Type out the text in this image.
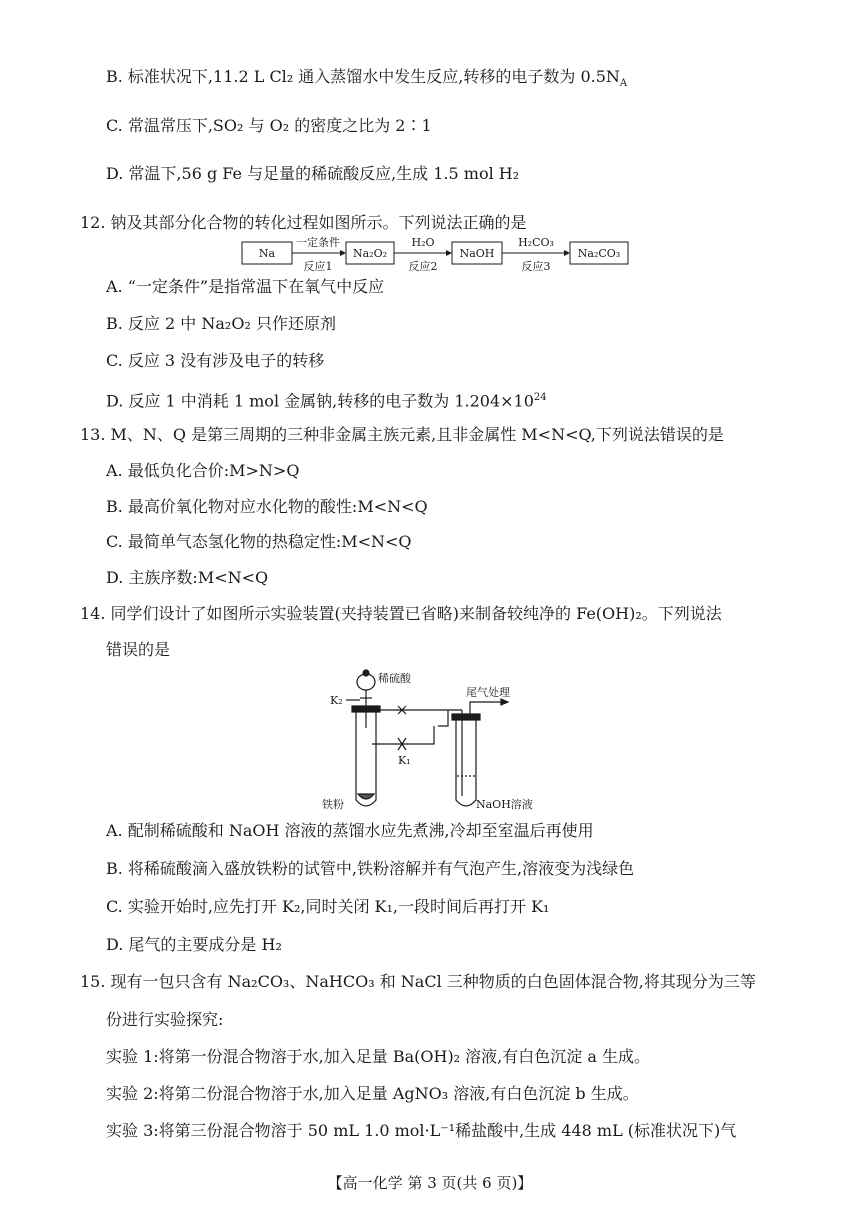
B. 标准状况下,11.2 L Cl₂ 通入蒸馏水中发生反应,转移的电子数为 $0.5N_A$
C. 常温常压下,SO₂ 与 O₂ 的密度之比为 2∶1
D. 常温下,56 g Fe 与足量的稀硫酸反应,生成 1.5 mol H₂
12. 钠及其部分化合物的转化过程如图所示。下列说法正确的是
Na	Na₂O₂	NaOH	Na₂CO₃
一定条件
反应1
H₂O
反应2
H₂CO₃
反应3
A. “一定条件”是指常温下在氧气中反应
B. 反应 2 中 Na₂O₂ 只作还原剂
C. 反应 3 没有涉及电子的转移
D. 反应 1 中消耗 1 mol 金属钠,转移的电子数为 $1.204\times 10^{24}$
13. M、N、Q 是第三周期的三种非金属主族元素,且非金属性 M<N<Q,下列说法错误的是
A. 最低负化合价:M>N>Q
B. 最高价氧化物对应水化物的酸性:M<N<Q
C. 最简单气态氢化物的热稳定性:M<N<Q
D. 主族序数:M<N<Q
14. 同学们设计了如图所示实验装置(夹持装置已省略)来制备较纯净的 Fe(OH)₂。下列说法
错误的是
稀硫酸
尾气处理
K₂
K₁
铁粉	NaOH溶液
A. 配制稀硫酸和 NaOH 溶液的蒸馏水应先煮沸,冷却至室温后再使用
B. 将稀硫酸滴入盛放铁粉的试管中,铁粉溶解并有气泡产生,溶液变为浅绿色
C. 实验开始时,应先打开 K₂,同时关闭 K₁,一段时间后再打开 K₁
D. 尾气的主要成分是 H₂
15. 现有一包只含有 Na₂CO₃、NaHCO₃ 和 NaCl 三种物质的白色固体混合物,将其现分为三等
份进行实验探究:
实验 1:将第一份混合物溶于水,加入足量 Ba(OH)₂ 溶液,有白色沉淀 a 生成。
实验 2:将第二份混合物溶于水,加入足量 AgNO₃ 溶液,有白色沉淀 b 生成。
实验 3:将第三份混合物溶于 50 mL 1.0 mol·L⁻¹稀盐酸中,生成 448 mL (标准状况下)气
【高一化学 第 3 页(共 6 页)】
